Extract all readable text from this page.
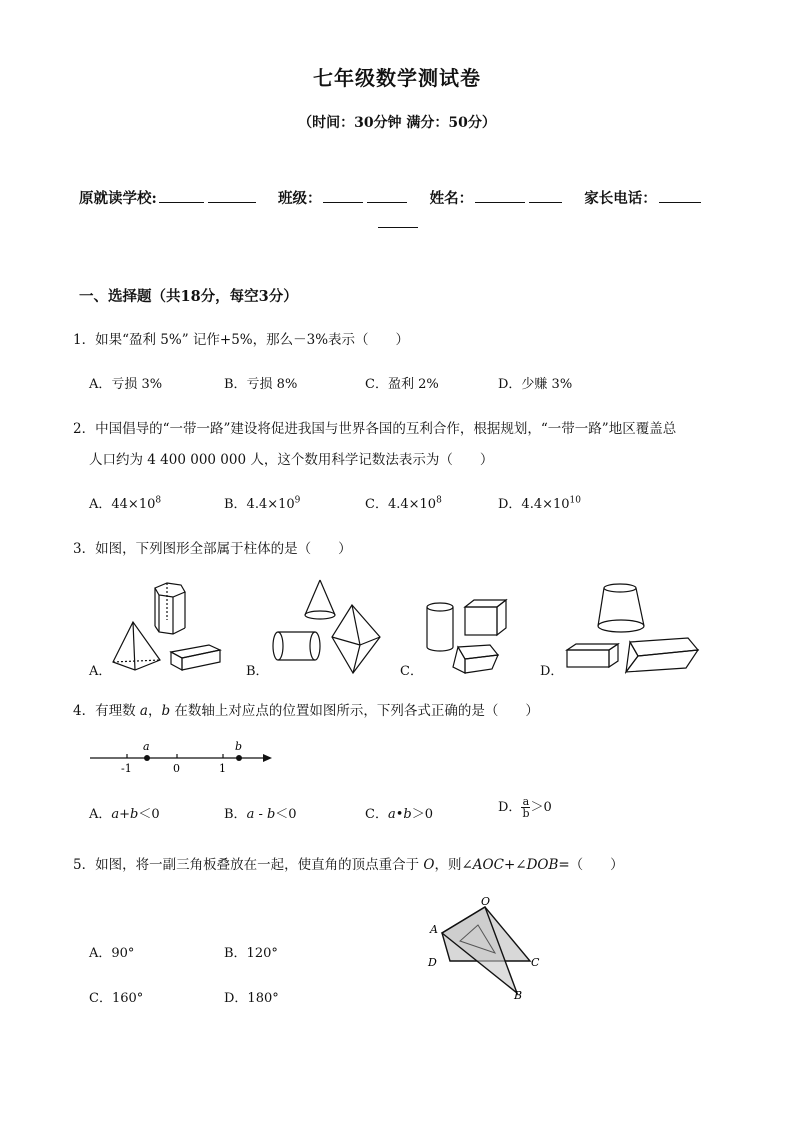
七年级数学测试卷
（时间：30分钟 满分：50分）
原就读学校:	班级：	姓名：	家长电话：
一、选择题（共18分，每空3分）
1．如果“盈利 5%” 记作+5%，那么－3%表示（　　）
A．亏损 3%	B．亏损 8%	C．盈利 2%	D．少赚 3%
2．中国倡导的“一带一路”建设将促进我国与世界各国的互利合作，根据规划，“一带一路”地区覆盖总
人口约为 4 400 000 000 人，这个数用科学记数法表示为（　　）
A．$44\times 10^8$	B．$4.4\times 10^9$	C．$4.4\times 10^8$	D．$4.4\times 10^{10}$
3．如图，下列图形全部属于柱体的是（　　）
A．	B．	C．	D．
4．有理数 a，b 在数轴上对应点的位置如图所示，下列各式正确的是（　　）
a	b
-1	0	1
A．a+b＜0	B．a - b＜0	C．a•b＞0	D． $\frac{a}{b} >0$
5．如图，将一副三角板叠放在一起，使直角的顶点重合于 O，则∠AOC+∠DOB=（　　）
A．90°	B．120°
C．160°	D．180°
O
A
D	C
B
